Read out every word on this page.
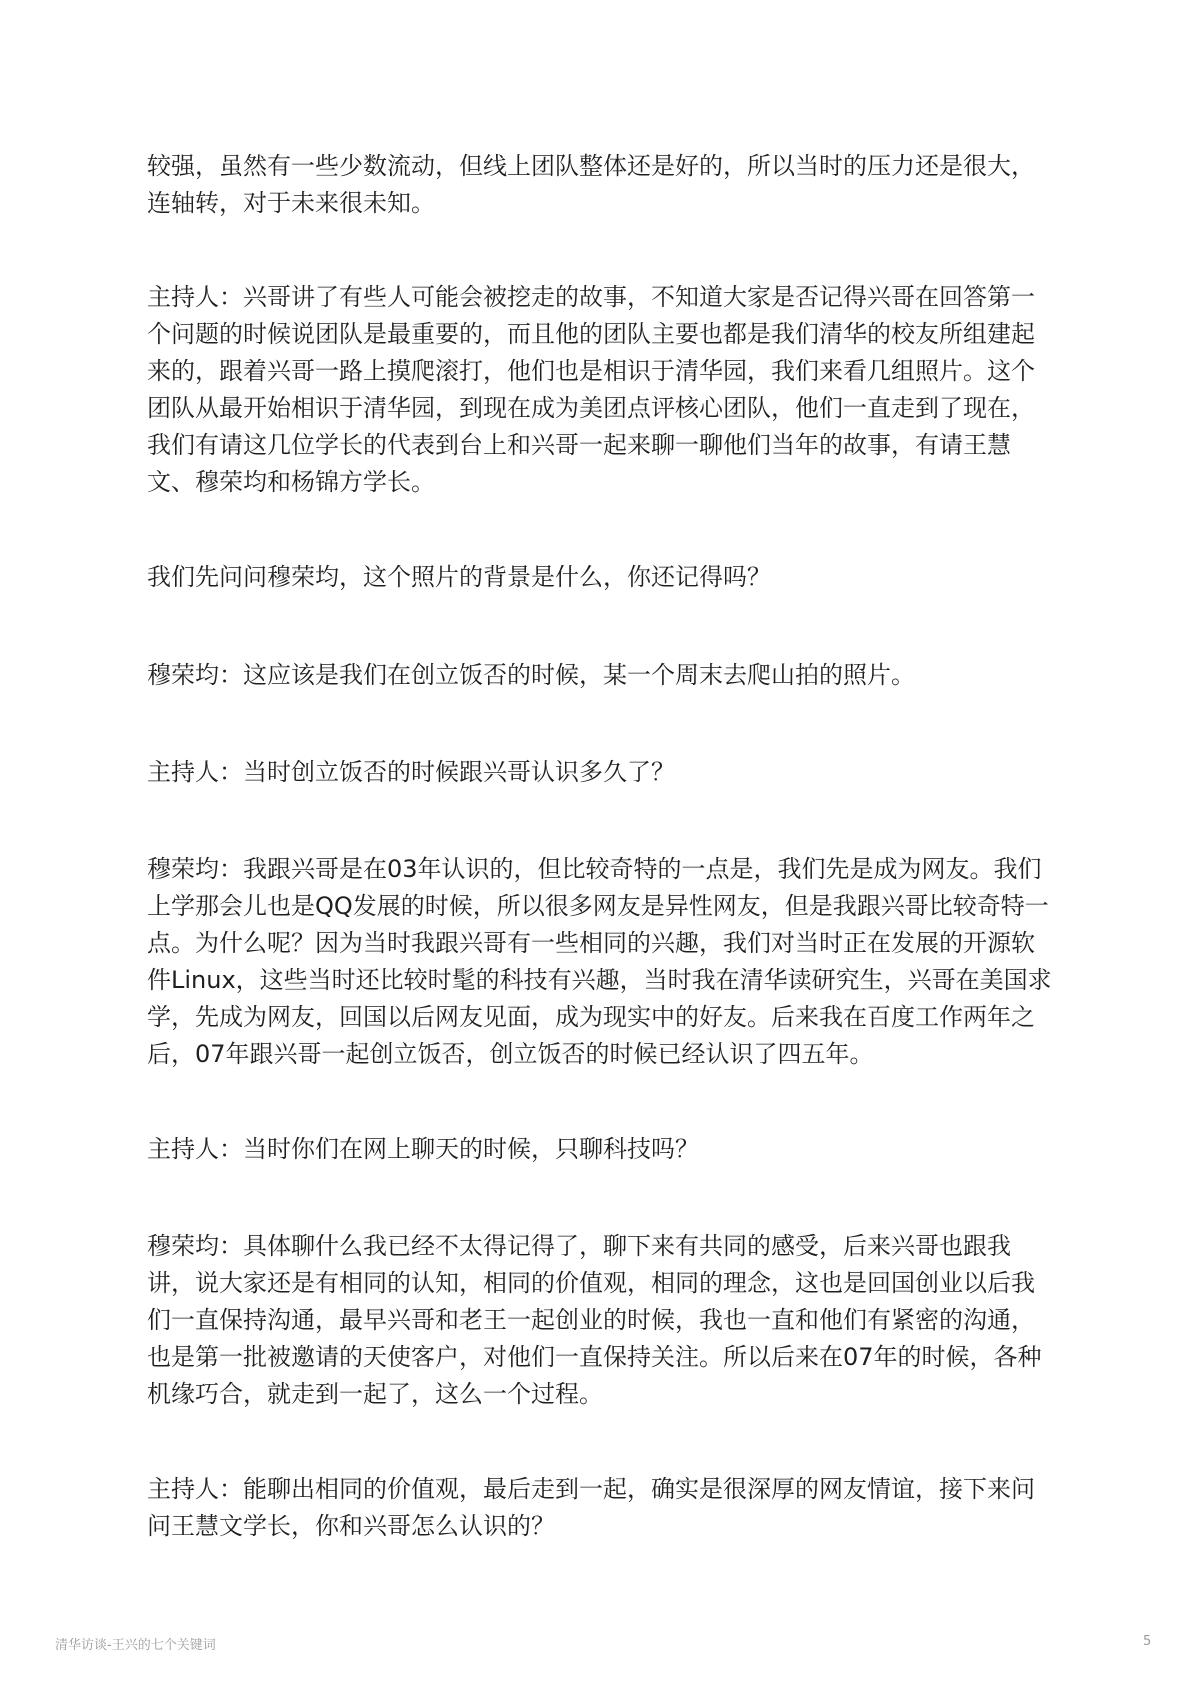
较强，虽然有一些少数流动，但线上团队整体还是好的，所以当时的压力还是很大，
连轴转，对于未来很未知。
主持人：兴哥讲了有些人可能会被挖走的故事，不知道大家是否记得兴哥在回答第一
个问题的时候说团队是最重要的，而且他的团队主要也都是我们清华的校友所组建起
来的，跟着兴哥一路上摸爬滚打，他们也是相识于清华园，我们来看几组照片。这个
团队从最开始相识于清华园，到现在成为美团点评核心团队，他们一直走到了现在，
我们有请这几位学长的代表到台上和兴哥一起来聊一聊他们当年的故事，有请王慧
文、穆荣均和杨锦方学长。
我们先问问穆荣均，这个照片的背景是什么，你还记得吗？
穆荣均：这应该是我们在创立饭否的时候，某一个周末去爬山拍的照片。
主持人：当时创立饭否的时候跟兴哥认识多久了？
穆荣均：我跟兴哥是在03年认识的，但比较奇特的一点是，我们先是成为网友。我们
上学那会儿也是QQ发展的时候，所以很多网友是异性网友，但是我跟兴哥比较奇特一
点。为什么呢？因为当时我跟兴哥有一些相同的兴趣，我们对当时正在发展的开源软
件Linux，这些当时还比较时髦的科技有兴趣，当时我在清华读研究生，兴哥在美国求
学，先成为网友，回国以后网友见面，成为现实中的好友。后来我在百度工作两年之
后，07年跟兴哥一起创立饭否，创立饭否的时候已经认识了四五年。
主持人：当时你们在网上聊天的时候，只聊科技吗？
穆荣均：具体聊什么我已经不太得记得了，聊下来有共同的感受，后来兴哥也跟我
讲，说大家还是有相同的认知，相同的价值观，相同的理念，这也是回国创业以后我
们一直保持沟通，最早兴哥和老王一起创业的时候，我也一直和他们有紧密的沟通，
也是第一批被邀请的天使客户，对他们一直保持关注。所以后来在07年的时候，各种
机缘巧合，就走到一起了，这么一个过程。
主持人：能聊出相同的价值观，最后走到一起，确实是很深厚的网友情谊，接下来问
问王慧文学长，你和兴哥怎么认识的？
清华访谈-王兴的七个关键词	5
